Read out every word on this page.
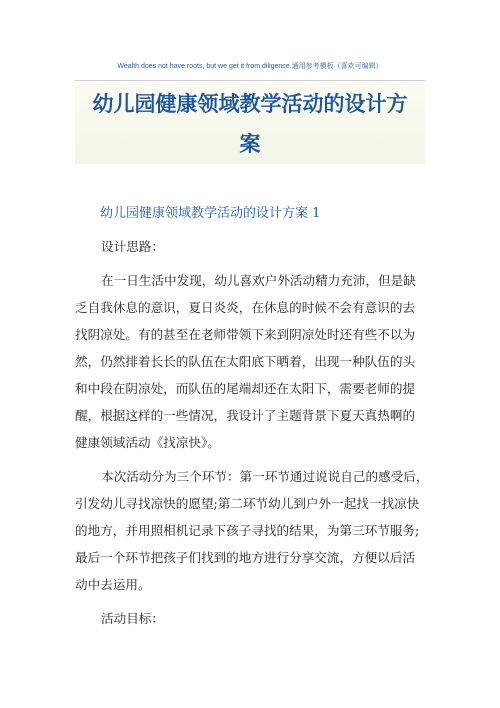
Wealth does not have roots, but we get it from diligence.通用参考模板（喜欢可编辑）
幼儿园健康领域教学活动的设计方
案
幼儿园健康领域教学活动的设计方案 1
设计思路：
在一日生活中发现，幼儿喜欢户外活动精力充沛，但是缺
乏自我休息的意识，夏日炎炎，在休息的时候不会有意识的去
找阴凉处。有的甚至在老师带领下来到阴凉处时还有些不以为
然，仍然排着长长的队伍在太阳底下晒着，出现一种队伍的头
和中段在阴凉处，而队伍的尾端却还在太阳下，需要老师的提
醒，根据这样的一些情况，我设计了主题背景下夏天真热啊的
健康领域活动《找凉快》。
本次活动分为三个环节：第一环节通过说说自己的感受后，
引发幼儿寻找凉快的愿望;第二环节幼儿到户外一起找一找凉快
的地方，并用照相机记录下孩子寻找的结果，为第三环节服务;
最后一个环节把孩子们找到的地方进行分享交流，方便以后活
动中去运用。
活动目标：
